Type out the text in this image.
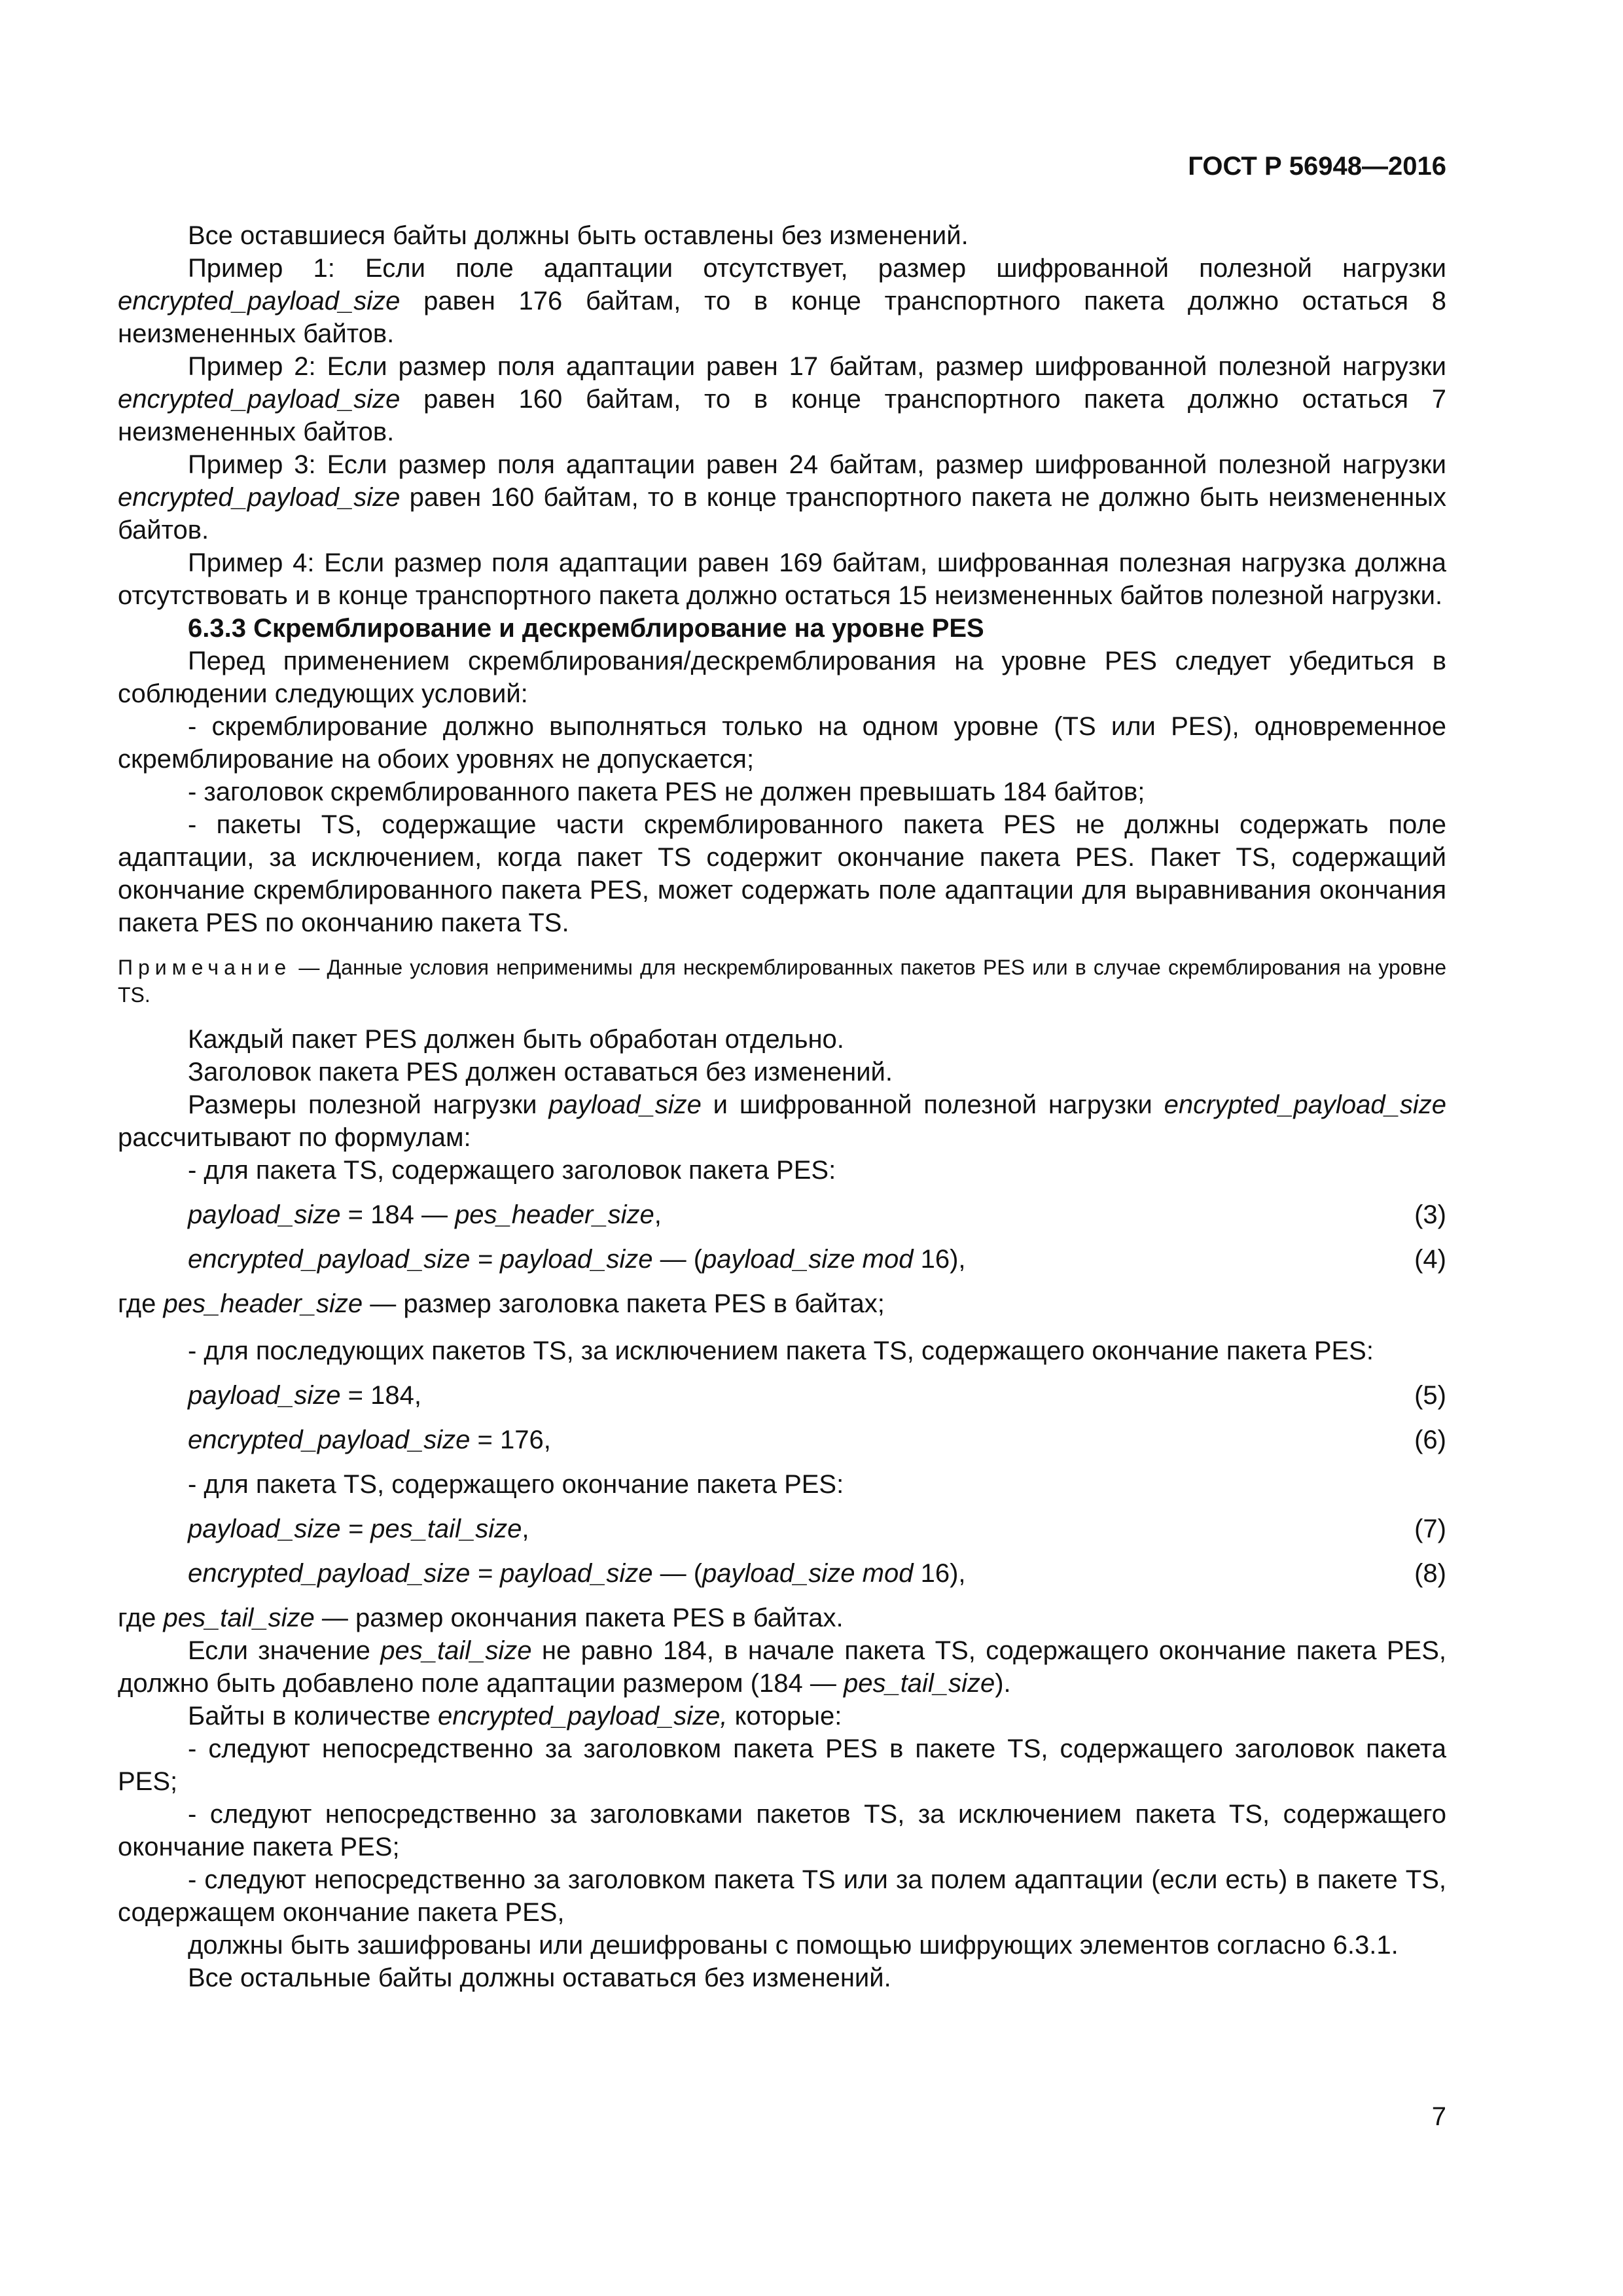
ГОСТ Р 56948—2016

Все оставшиеся байты должны быть оставлены без изменений.

Пример 1: Если поле адаптации отсутствует, размер шифрованной полезной нагрузки encrypted_payload_size равен 176 байтам, то в конце транспортного пакета должно остаться 8 неизмененных байтов.

Пример 2: Если размер поля адаптации равен 17 байтам, размер шифрованной полезной нагрузки encrypted_payload_size равен 160 байтам, то в конце транспортного пакета должно остаться 7 неизмененных байтов.

Пример 3: Если размер поля адаптации равен 24 байтам, размер шифрованной полезной нагрузки encrypted_payload_size равен 160 байтам, то в конце транспортного пакета не должно быть неизмененных байтов.

Пример 4: Если размер поля адаптации равен 169 байтам, шифрованная полезная нагрузка должна отсутствовать и в конце транспортного пакета должно остаться 15 неизмененных байтов полезной нагрузки.

6.3.3 Скремблирование и дескремблирование на уровне PES

Перед применением скремблирования/дескремблирования на уровне PES следует убедиться в соблюдении следующих условий:

- скремблирование должно выполняться только на одном уровне (TS или PES), одновременное скремблирование на обоих уровнях не допускается;

- заголовок скремблированного пакета PES не должен превышать 184 байтов;

- пакеты TS, содержащие части скремблированного пакета PES не должны содержать поле адаптации, за исключением, когда пакет TS содержит окончание пакета PES. Пакет TS, содержащий окончание скремблированного пакета PES, может содержать поле адаптации для выравнивания окончания пакета PES по окончанию пакета TS.

Примечание — Данные условия неприменимы для нескремблированных пакетов PES или в случае скремблирования на уровне TS.

Каждый пакет PES должен быть обработан отдельно.

Заголовок пакета PES должен оставаться без изменений.

Размеры полезной нагрузки payload_size и шифрованной полезной нагрузки encrypted_payload_size рассчитывают по формулам:

- для пакета TS, содержащего заголовок пакета PES:

payload_size = 184 — pes_header_size,	(3)
encrypted_payload_size = payload_size — (payload_size mod 16),	(4)

где pes_header_size — размер заголовка пакета PES в байтах;

- для последующих пакетов TS, за исключением пакета TS, содержащего окончание пакета PES:

payload_size = 184,	(5)
encrypted_payload_size = 176,	(6)

- для пакета TS, содержащего окончание пакета PES:

payload_size = pes_tail_size,	(7)
encrypted_payload_size = payload_size — (payload_size mod 16),	(8)

где pes_tail_size — размер окончания пакета PES в байтах.

Если значение pes_tail_size не равно 184, в начале пакета TS, содержащего окончание пакета PES, должно быть добавлено поле адаптации размером (184 — pes_tail_size).

Байты в количестве encrypted_payload_size, которые:

- следуют непосредственно за заголовком пакета PES в пакете TS, содержащего заголовок пакета PES;

- следуют непосредственно за заголовками пакетов TS, за исключением пакета TS, содержащего окончание пакета PES;

- следуют непосредственно за заголовком пакета TS или за полем адаптации (если есть) в пакете TS, содержащем окончание пакета PES,

должны быть зашифрованы или дешифрованы с помощью шифрующих элементов согласно 6.3.1.

Все остальные байты должны оставаться без изменений.

7
